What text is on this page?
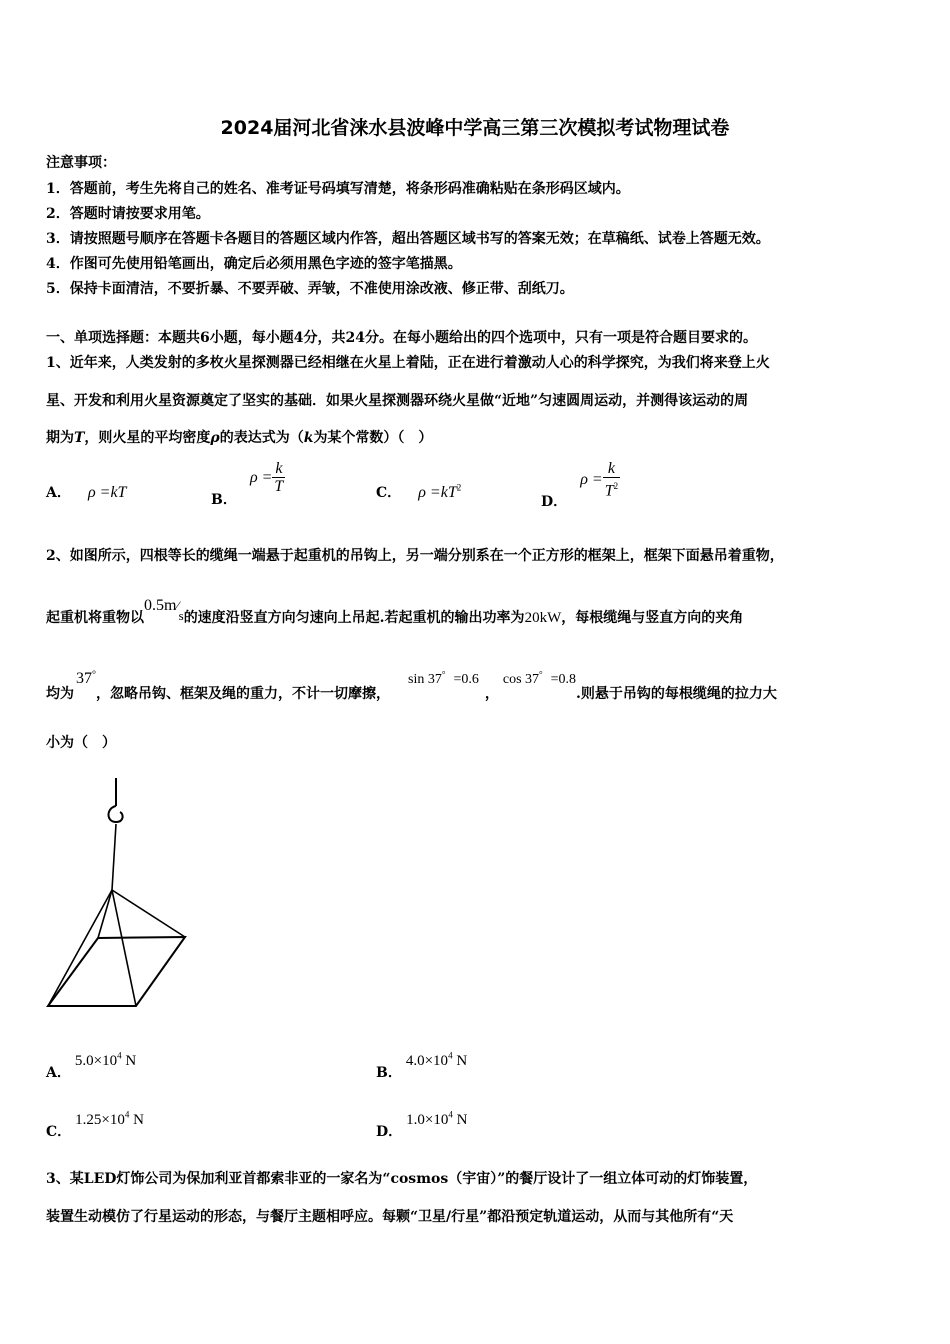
2024届河北省涞水县波峰中学高三第三次模拟考试物理试卷
注意事项：
1．答题前，考生先将自己的姓名、准考证号码填写清楚，将条形码准确粘贴在条形码区域内。
2．答题时请按要求用笔。
3．请按照题号顺序在答题卡各题目的答题区域内作答，超出答题区域书写的答案无效；在草稿纸、试卷上答题无效。
4．作图可先使用铅笔画出，确定后必须用黑色字迹的签字笔描黑。
5．保持卡面清洁，不要折暴、不要弄破、弄皱，不准使用涂改液、修正带、刮纸刀。
一、单项选择题：本题共6小题，每小题4分，共24分。在每小题给出的四个选项中，只有一项是符合题目要求的。
1、近年来，人类发射的多枚火星探测器已经相继在火星上着陆，正在进行着激动人心的科学探究，为我们将来登上火
星、开发和利用火星资源奠定了坚实的基础．如果火星探测器环绕火星做“近地”匀速圆周运动，并测得该运动的周
期为T，则火星的平均密度ρ的表达式为（k为某个常数）（　）
A． ρ =kT	B． $\rho = \frac{k}{T}$	C． $\rho =kT^2$
D． $\rho = \frac{k}{T^2}$
2、如图所示，四根等长的缆绳一端悬于起重机的吊钩上，另一端分别系在一个正方形的框架上，框架下面悬吊着重物，
起重机将重物以0.5m⁄s的速度沿竖直方向匀速向上吊起.若起重机的输出功率为20kW，每根缆绳与竖直方向的夹角
均为37°，忽略吊钩、框架及绳的重力，不计一切摩擦，sin 37° =0.6，cos 37° =0.8.则悬于吊钩的每根缆绳的拉力大
小为（　）
A．$5.0\times 10^4$ N
B．$4.0\times 10^4$ N
C．$1.25\times 10^4$ N
D．$1.0\times 10^4$ N
3、某LED灯饰公司为保加利亚首都索非亚的一家名为“cosmos（宇宙）”的餐厅设计了一组立体可动的灯饰装置，
装置生动模仿了行星运动的形态，与餐厅主题相呼应。每颗“卫星/行星”都沿预定轨道运动，从而与其他所有“天
